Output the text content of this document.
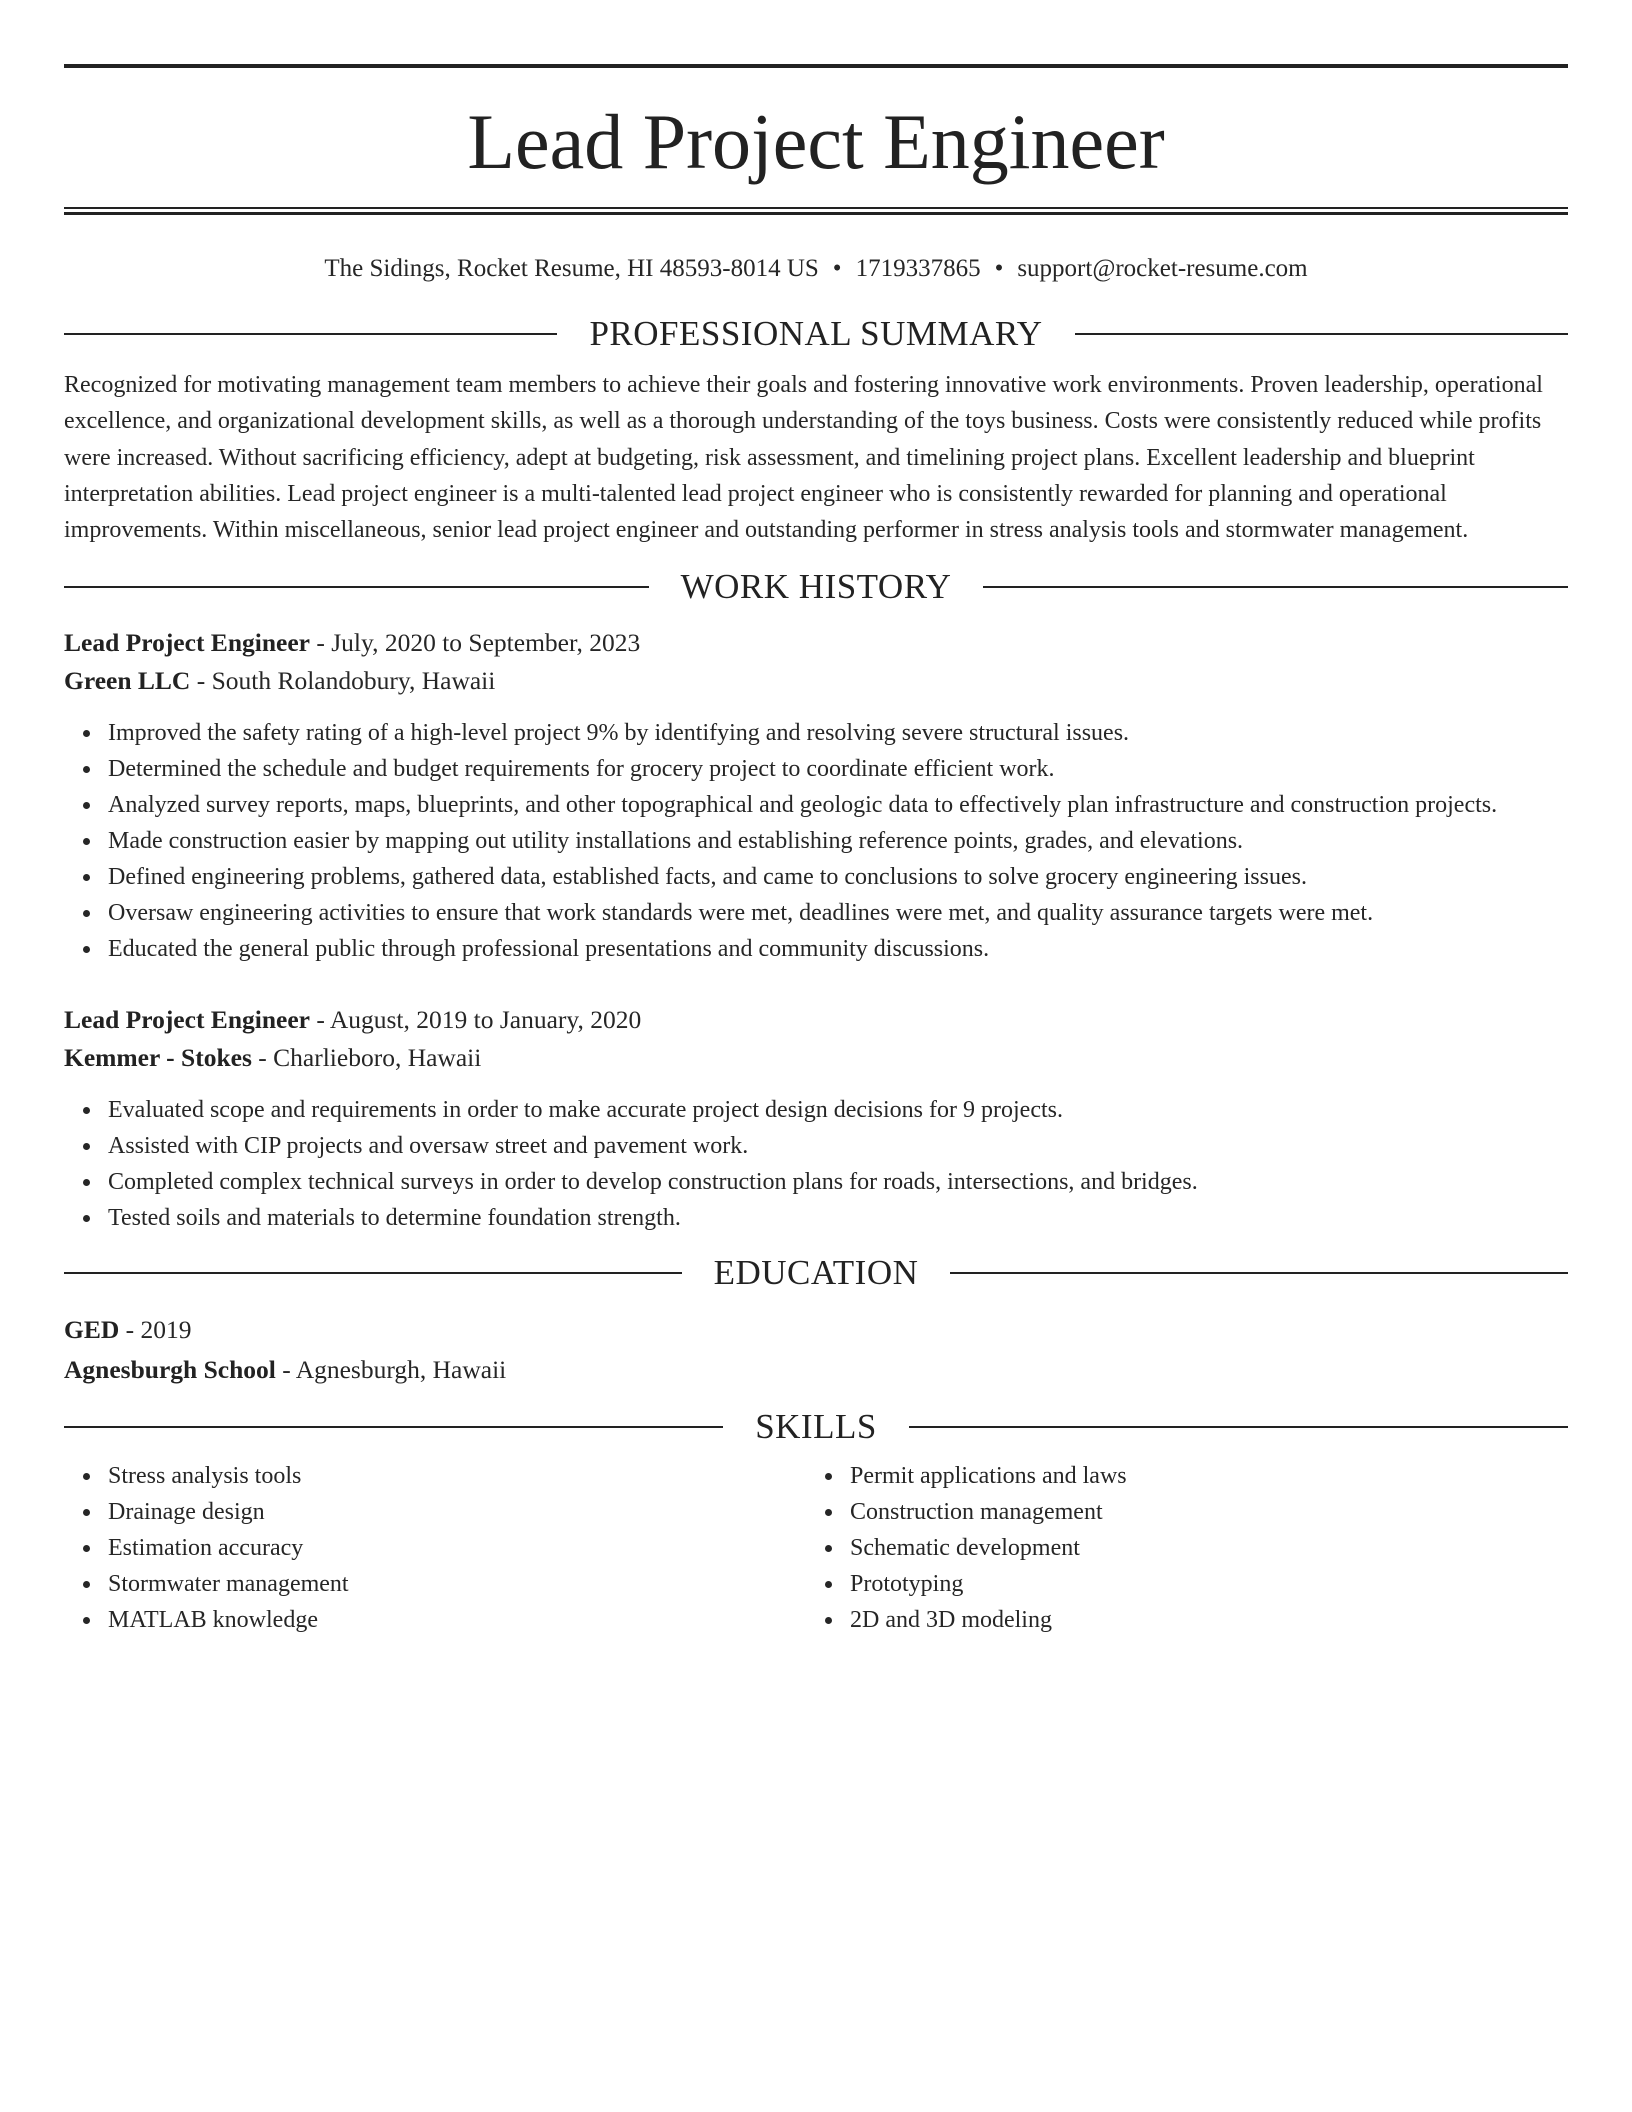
Lead Project Engineer
The Sidings, Rocket Resume, HI 48593-8014 US • 1719337865 • support@rocket-resume.com
PROFESSIONAL SUMMARY
Recognized for motivating management team members to achieve their goals and fostering innovative work environments. Proven leadership, operational excellence, and organizational development skills, as well as a thorough understanding of the toys business. Costs were consistently reduced while profits were increased. Without sacrificing efficiency, adept at budgeting, risk assessment, and timelining project plans. Excellent leadership and blueprint interpretation abilities. Lead project engineer is a multi-talented lead project engineer who is consistently rewarded for planning and operational improvements. Within miscellaneous, senior lead project engineer and outstanding performer in stress analysis tools and stormwater management.
WORK HISTORY
Lead Project Engineer - July, 2020 to September, 2023
Green LLC - South Rolandobury, Hawaii
Improved the safety rating of a high-level project 9% by identifying and resolving severe structural issues.
Determined the schedule and budget requirements for grocery project to coordinate efficient work.
Analyzed survey reports, maps, blueprints, and other topographical and geologic data to effectively plan infrastructure and construction projects.
Made construction easier by mapping out utility installations and establishing reference points, grades, and elevations.
Defined engineering problems, gathered data, established facts, and came to conclusions to solve grocery engineering issues.
Oversaw engineering activities to ensure that work standards were met, deadlines were met, and quality assurance targets were met.
Educated the general public through professional presentations and community discussions.
Lead Project Engineer - August, 2019 to January, 2020
Kemmer - Stokes - Charlieboro, Hawaii
Evaluated scope and requirements in order to make accurate project design decisions for 9 projects.
Assisted with CIP projects and oversaw street and pavement work.
Completed complex technical surveys in order to develop construction plans for roads, intersections, and bridges.
Tested soils and materials to determine foundation strength.
EDUCATION
GED - 2019
Agnesburgh School - Agnesburgh, Hawaii
SKILLS
Stress analysis tools
Drainage design
Estimation accuracy
Stormwater management
MATLAB knowledge
Permit applications and laws
Construction management
Schematic development
Prototyping
2D and 3D modeling
